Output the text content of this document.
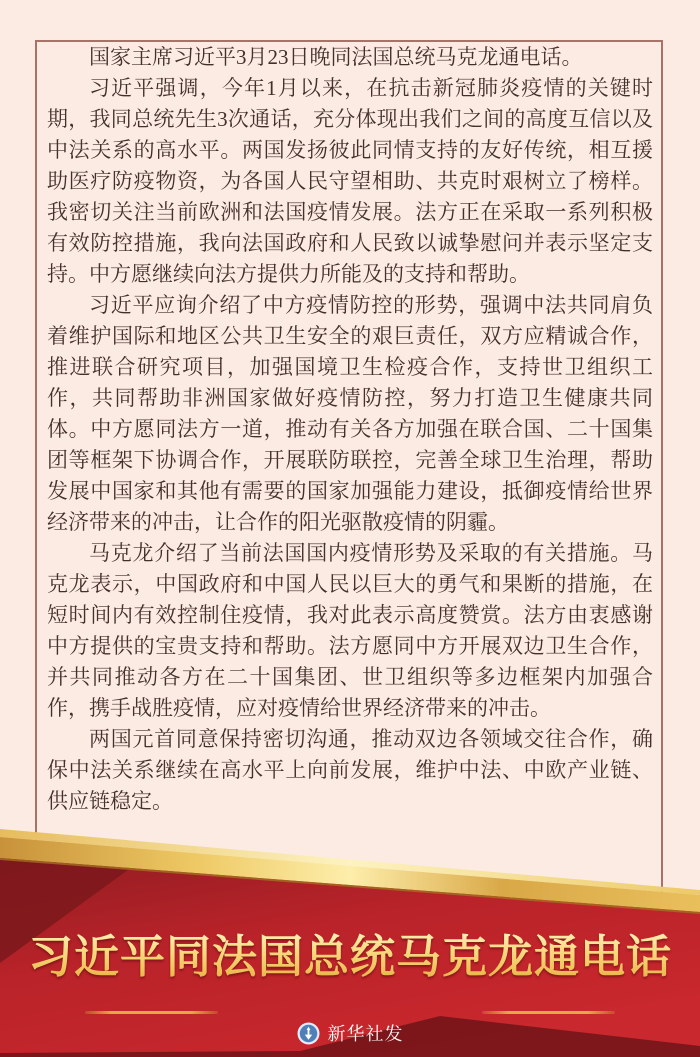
国家主席习近平3月23日晚同法国总统马克龙通电话。

习近平强调，今年1月以来，在抗击新冠肺炎疫情的关键时期，我同总统先生3次通话，充分体现出我们之间的高度互信以及中法关系的高水平。两国发扬彼此同情支持的友好传统，相互援助医疗防疫物资，为各国人民守望相助、共克时艰树立了榜样。我密切关注当前欧洲和法国疫情发展。法方正在采取一系列积极有效防控措施，我向法国政府和人民致以诚挚慰问并表示坚定支持。中方愿继续向法方提供力所能及的支持和帮助。

习近平应询介绍了中方疫情防控的形势，强调中法共同肩负着维护国际和地区公共卫生安全的艰巨责任，双方应精诚合作，推进联合研究项目，加强国境卫生检疫合作，支持世卫组织工作，共同帮助非洲国家做好疫情防控，努力打造卫生健康共同体。中方愿同法方一道，推动有关各方加强在联合国、二十国集团等框架下协调合作，开展联防联控，完善全球卫生治理，帮助发展中国家和其他有需要的国家加强能力建设，抵御疫情给世界经济带来的冲击，让合作的阳光驱散疫情的阴霾。

马克龙介绍了当前法国国内疫情形势及采取的有关措施。马克龙表示，中国政府和中国人民以巨大的勇气和果断的措施，在短时间内有效控制住疫情，我对此表示高度赞赏。法方由衷感谢中方提供的宝贵支持和帮助。法方愿同中方开展双边卫生合作，并共同推动各方在二十国集团、世卫组织等多边框架内加强合作，携手战胜疫情，应对疫情给世界经济带来的冲击。

两国元首同意保持密切沟通，推动双边各领域交往合作，确保中法关系继续在高水平上向前发展，维护中法、中欧产业链、供应链稳定。

习近平同法国总统马克龙通电话
新华社发
